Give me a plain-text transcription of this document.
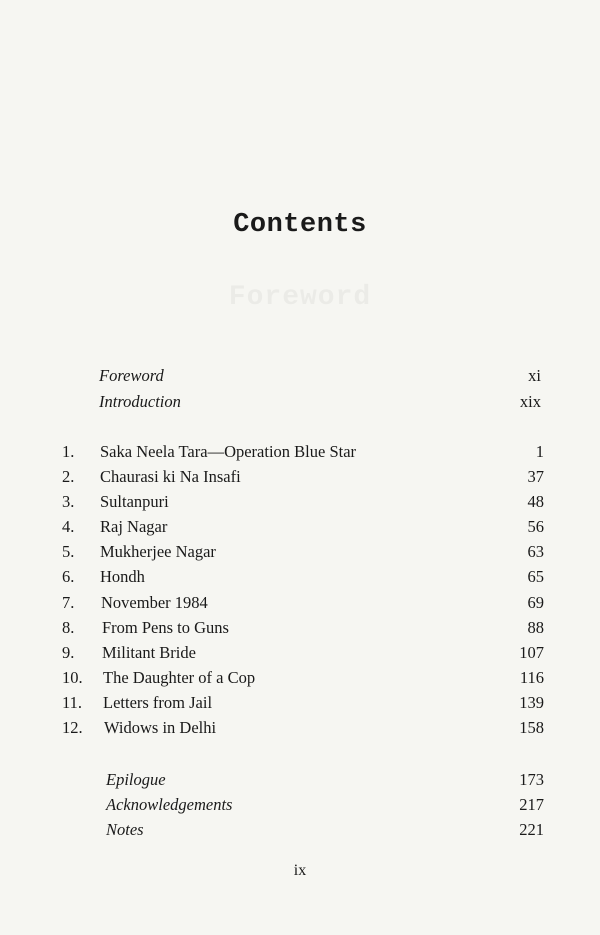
Contents
Foreword	xi
Introduction	xix
1. Saka Neela Tara—Operation Blue Star	1
2. Chaurasi ki Na Insafi	37
3. Sultanpuri	48
4. Raj Nagar	56
5. Mukherjee Nagar	63
6. Hondh	65
7. November 1984	69
8. From Pens to Guns	88
9. Militant Bride	107
10. The Daughter of a Cop	116
11. Letters from Jail	139
12. Widows in Delhi	158
Epilogue	173
Acknowledgements	217
Notes	221
ix
